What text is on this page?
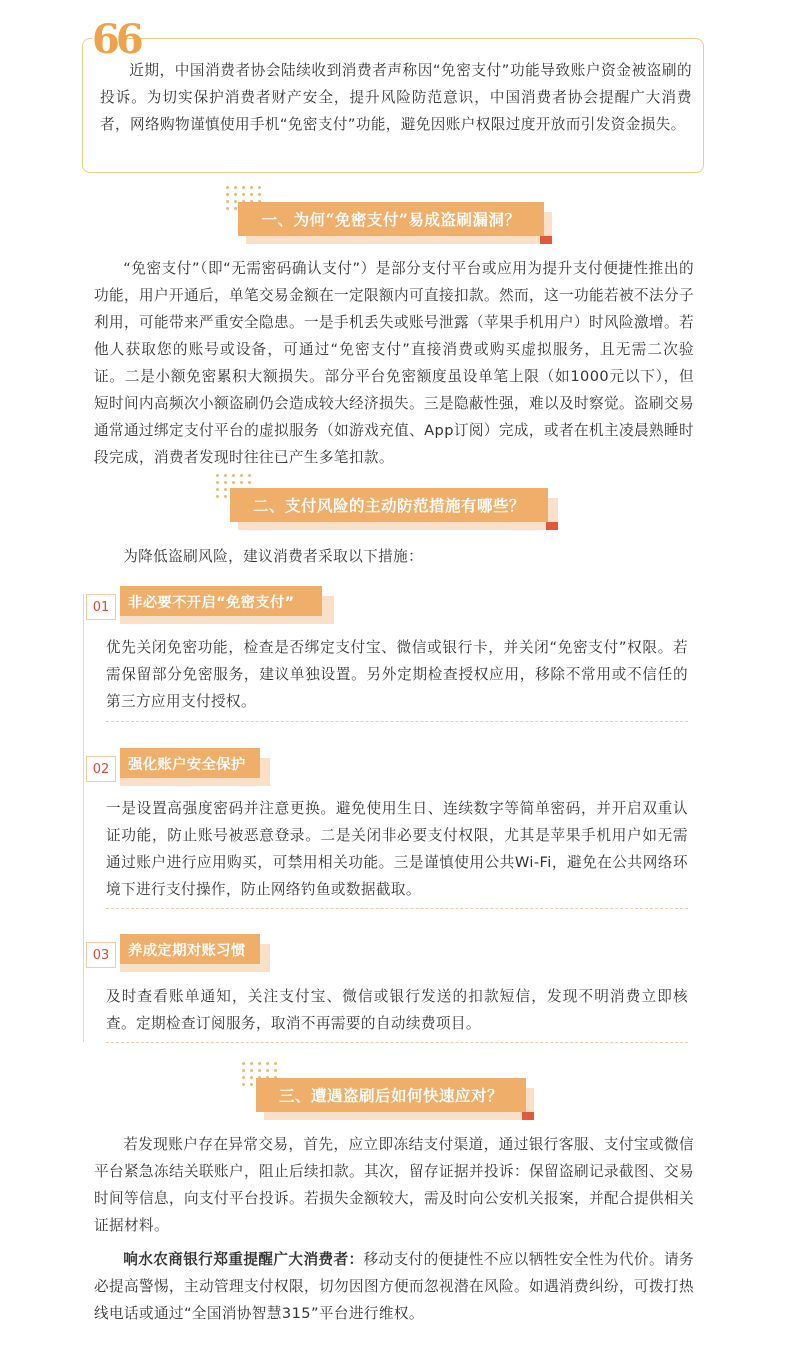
66

近期，中国消费者协会陆续收到消费者声称因“免密支付”功能导致账户资金被盗刷的投诉。为切实保护消费者财产安全，提升风险防范意识，中国消费者协会提醒广大消费者，网络购物谨慎使用手机“免密支付”功能，避免因账户权限过度开放而引发资金损失。

一、为何“免密支付”易成盗刷漏洞？

“免密支付”（即“无需密码确认支付”）是部分支付平台或应用为提升支付便捷性推出的功能，用户开通后，单笔交易金额在一定限额内可直接扣款。然而，这一功能若被不法分子利用，可能带来严重安全隐患。一是手机丢失或账号泄露（苹果手机用户）时风险激增。若他人获取您的账号或设备，可通过“免密支付”直接消费或购买虚拟服务，且无需二次验证。二是小额免密累积大额损失。部分平台免密额度虽设单笔上限（如1000元以下），但短时间内高频次小额盗刷仍会造成较大经济损失。三是隐蔽性强，难以及时察觉。盗刷交易通常通过绑定支付平台的虚拟服务（如游戏充值、App订阅）完成，或者在机主凌晨熟睡时段完成，消费者发现时往往已产生多笔扣款。

二、支付风险的主动防范措施有哪些？

为降低盗刷风险，建议消费者采取以下措施：

非必要不开启“免密支付”
01

优先关闭免密功能，检查是否绑定支付宝、微信或银行卡，并关闭“免密支付”权限。若需保留部分免密服务，建议单独设置。另外定期检查授权应用，移除不常用或不信任的第三方应用支付授权。

强化账户安全保护
02

一是设置高强度密码并注意更换。避免使用生日、连续数字等简单密码，并开启双重认证功能，防止账号被恶意登录。二是关闭非必要支付权限，尤其是苹果手机用户如无需通过账户进行应用购买，可禁用相关功能。三是谨慎使用公共Wi-Fi，避免在公共网络环境下进行支付操作，防止网络钓鱼或数据截取。

养成定期对账习惯
03

及时查看账单通知，关注支付宝、微信或银行发送的扣款短信，发现不明消费立即核查。定期检查订阅服务，取消不再需要的自动续费项目。

三、遭遇盗刷后如何快速应对？

若发现账户存在异常交易，首先，应立即冻结支付渠道，通过银行客服、支付宝或微信平台紧急冻结关联账户，阻止后续扣款。其次，留存证据并投诉：保留盗刷记录截图、交易时间等信息，向支付平台投诉。若损失金额较大，需及时向公安机关报案，并配合提供相关证据材料。

响水农商银行郑重提醒广大消费者：移动支付的便捷性不应以牺牲安全性为代价。请务必提高警惕，主动管理支付权限，切勿因图方便而忽视潜在风险。如遇消费纠纷，可拨打热线电话或通过“全国消协智慧315”平台进行维权。
